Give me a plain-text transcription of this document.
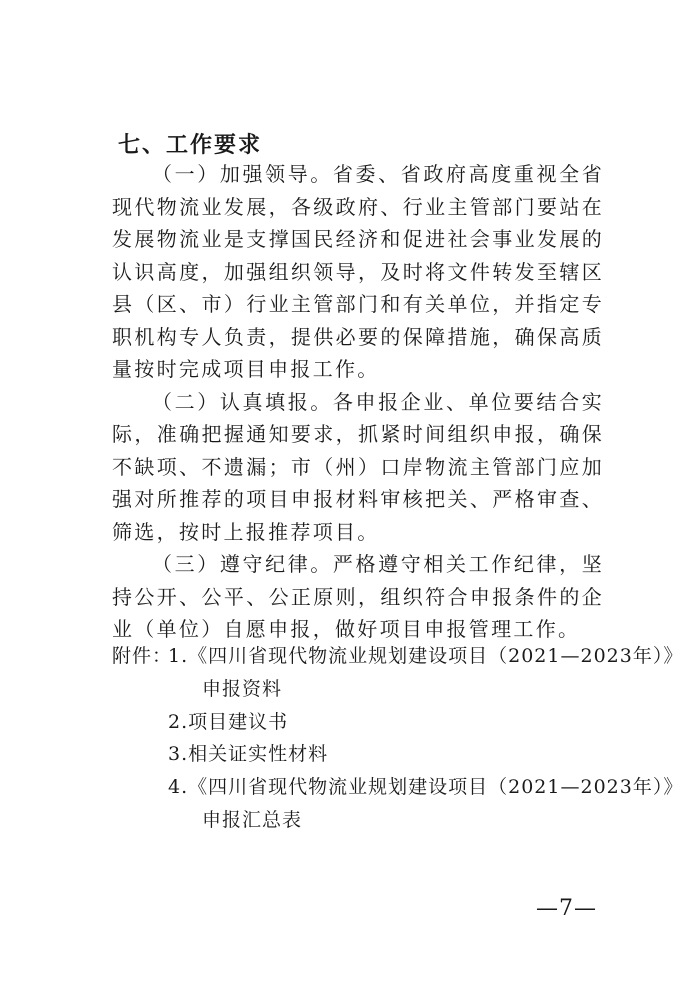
七、工作要求

（一）加强领导。省委、省政府高度重视全省现代物流业发展，各级政府、行业主管部门要站在发展物流业是支撑国民经济和促进社会事业发展的认识高度，加强组织领导，及时将文件转发至辖区县（区、市）行业主管部门和有关单位，并指定专职机构专人负责，提供必要的保障措施，确保高质量按时完成项目申报工作。

（二）认真填报。各申报企业、单位要结合实际，准确把握通知要求，抓紧时间组织申报，确保不缺项、不遗漏；市（州）口岸物流主管部门应加强对所推荐的项目申报材料审核把关、严格审查、筛选，按时上报推荐项目。

（三）遵守纪律。严格遵守相关工作纪律，坚持公开、公平、公正原则，组织符合申报条件的企业（单位）自愿申报，做好项目申报管理工作。

附件：1.《四川省现代物流业规划建设项目（2021—2023年）》
申报资料
2.项目建议书
3.相关证实性材料
4.《四川省现代物流业规划建设项目（2021—2023年）》
申报汇总表
—7—
